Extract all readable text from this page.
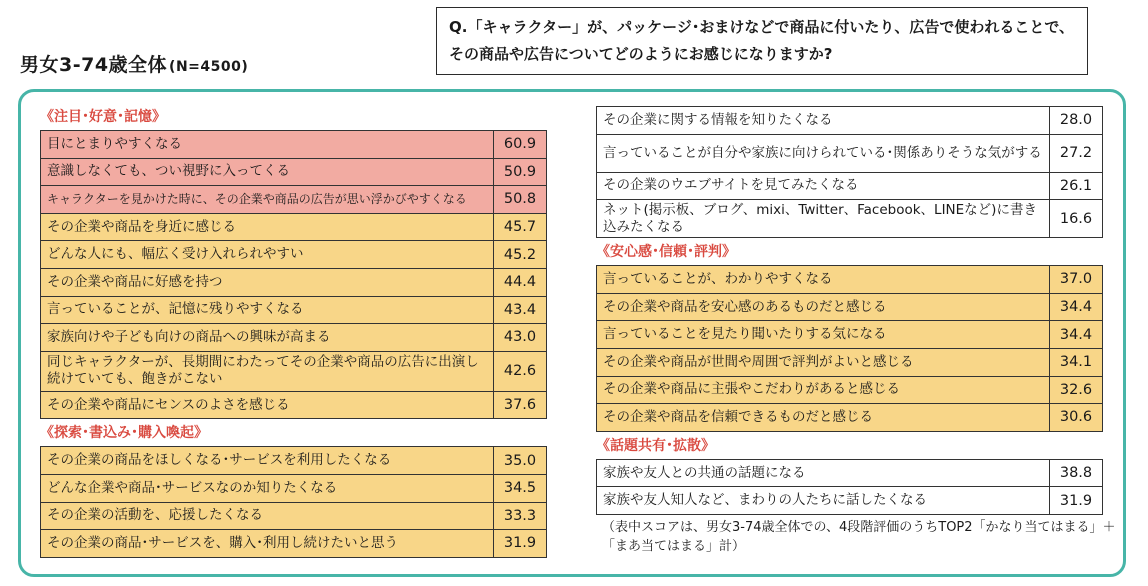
男女3-74歳全体 (N=4500)
Q.「キャラクター」が、パッケージ･おまけなどで商品に付いたり、広告で使われることで、その商品や広告についてどのようにお感じになりますか?
《注目･好意･記憶》
目にとまりやすくなる	60.9
意識しなくても、つい視野に入ってくる	50.9
キャラクターを見かけた時に、その企業や商品の広告が思い浮かびやすくなる	50.8
その企業や商品を身近に感じる	45.7
どんな人にも、幅広く受け入れられやすい	45.2
その企業や商品に好感を持つ	44.4
言っていることが、記憶に残りやすくなる	43.4
家族向けや子ども向けの商品への興味が高まる	43.0
同じキャラクターが、長期間にわたってその企業や商品の広告に出演し続けていても、飽きがこない	42.6
その企業や商品にセンスのよさを感じる	37.6
《探索･書込み･購入喚起》
その企業の商品をほしくなる･サービスを利用したくなる	35.0
どんな企業や商品･サービスなのか知りたくなる	34.5
その企業の活動を、応援したくなる	33.3
その企業の商品･サービスを、購入･利用し続けたいと思う	31.9
その企業に関する情報を知りたくなる	28.0
言っていることが自分や家族に向けられている･関係ありそうな気がする	27.2
その企業のウエブサイトを見てみたくなる	26.1
ネット(掲示板、ブログ、mixi、Twitter、Facebook、LINEなど)に書き込みたくなる	16.6
《安心感･信頼･評判》
言っていることが、わかりやすくなる	37.0
その企業や商品を安心感のあるものだと感じる	34.4
言っていることを見たり聞いたりする気になる	34.4
その企業や商品が世間や周囲で評判がよいと感じる	34.1
その企業や商品に主張やこだわりがあると感じる	32.6
その企業や商品を信頼できるものだと感じる	30.6
《話題共有･拡散》
家族や友人との共通の話題になる	38.8
家族や友人知人など、まわりの人たちに話したくなる	31.9
（表中スコアは、男女3-74歳全体での、4段階評価のうちTOP2「かなり当てはまる」＋「まあ当てはまる」計）
